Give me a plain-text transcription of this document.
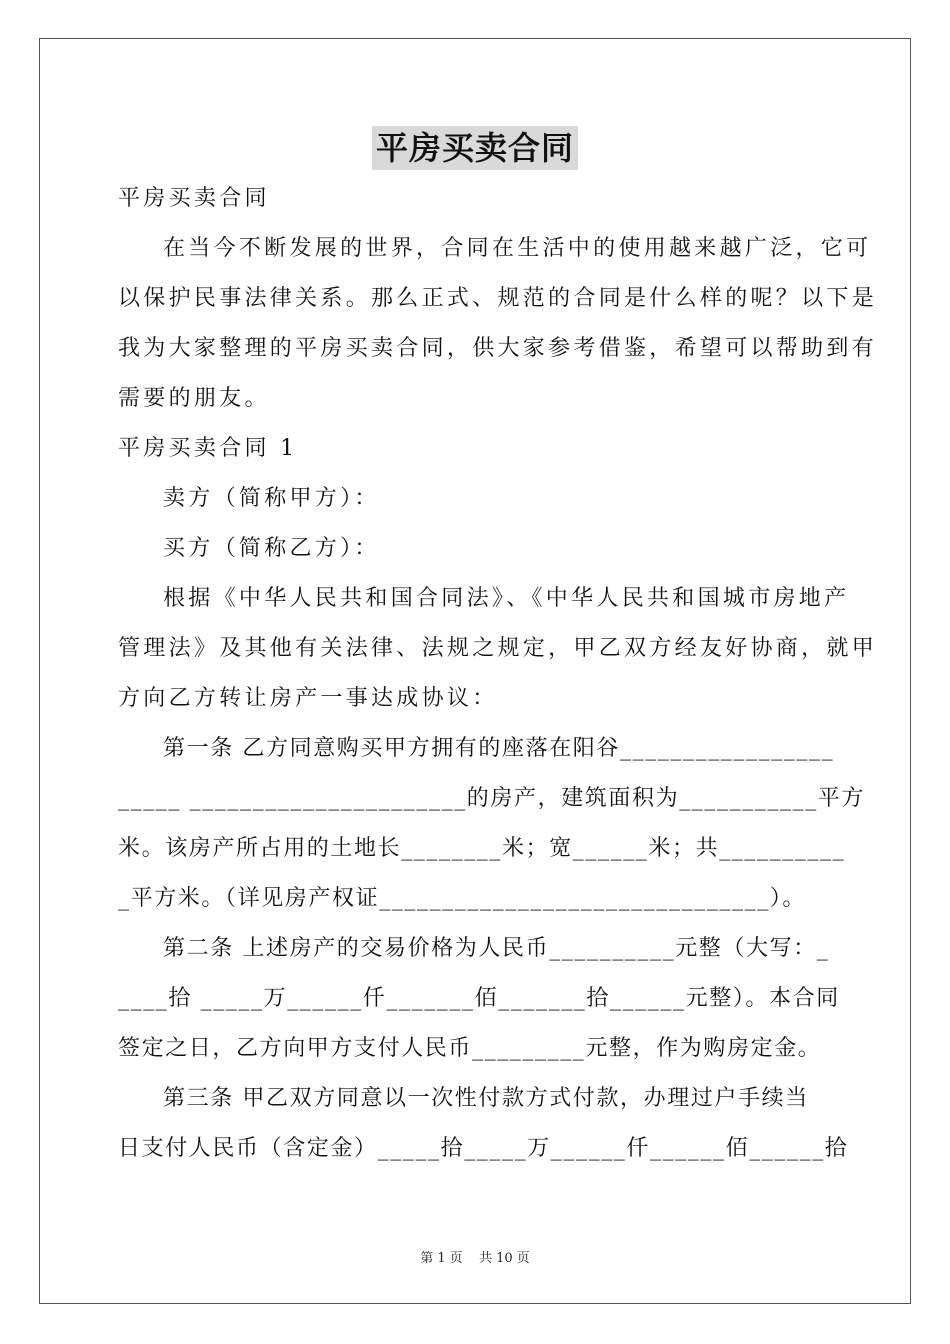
平房买卖合同
平房买卖合同
在当今不断发展的世界，合同在生活中的使用越来越广泛，它可
以保护民事法律关系。那么正式、规范的合同是什么样的呢？以下是
我为大家整理的平房买卖合同，供大家参考借鉴，希望可以帮助到有
需要的朋友。
平房买卖合同 1
卖方（简称甲方）：
买方（简称乙方）：
根据《中华人民共和国合同法》、《中华人民共和国城市房地产
管理法》及其他有关法律、法规之规定，甲乙双方经友好协商，就甲
方向乙方转让房产一事达成协议：
第一条 乙方同意购买甲方拥有的座落在阳谷_________________
_____ ______________________的房产，建筑面积为___________平方
米。该房产所占用的土地长________米；宽______米；共__________
_平方米。（详见房产权证_______________________________）。
第二条 上述房产的交易价格为人民币__________元整（大写：_
____拾 _____万______仟_______佰_______拾______元整）。本合同
签定之日，乙方向甲方支付人民币_________元整，作为购房定金。
第三条 甲乙双方同意以一次性付款方式付款，办理过户手续当
日支付人民币（含定金）_____拾_____万______仟______佰______拾
第 1 页 共 10 页
